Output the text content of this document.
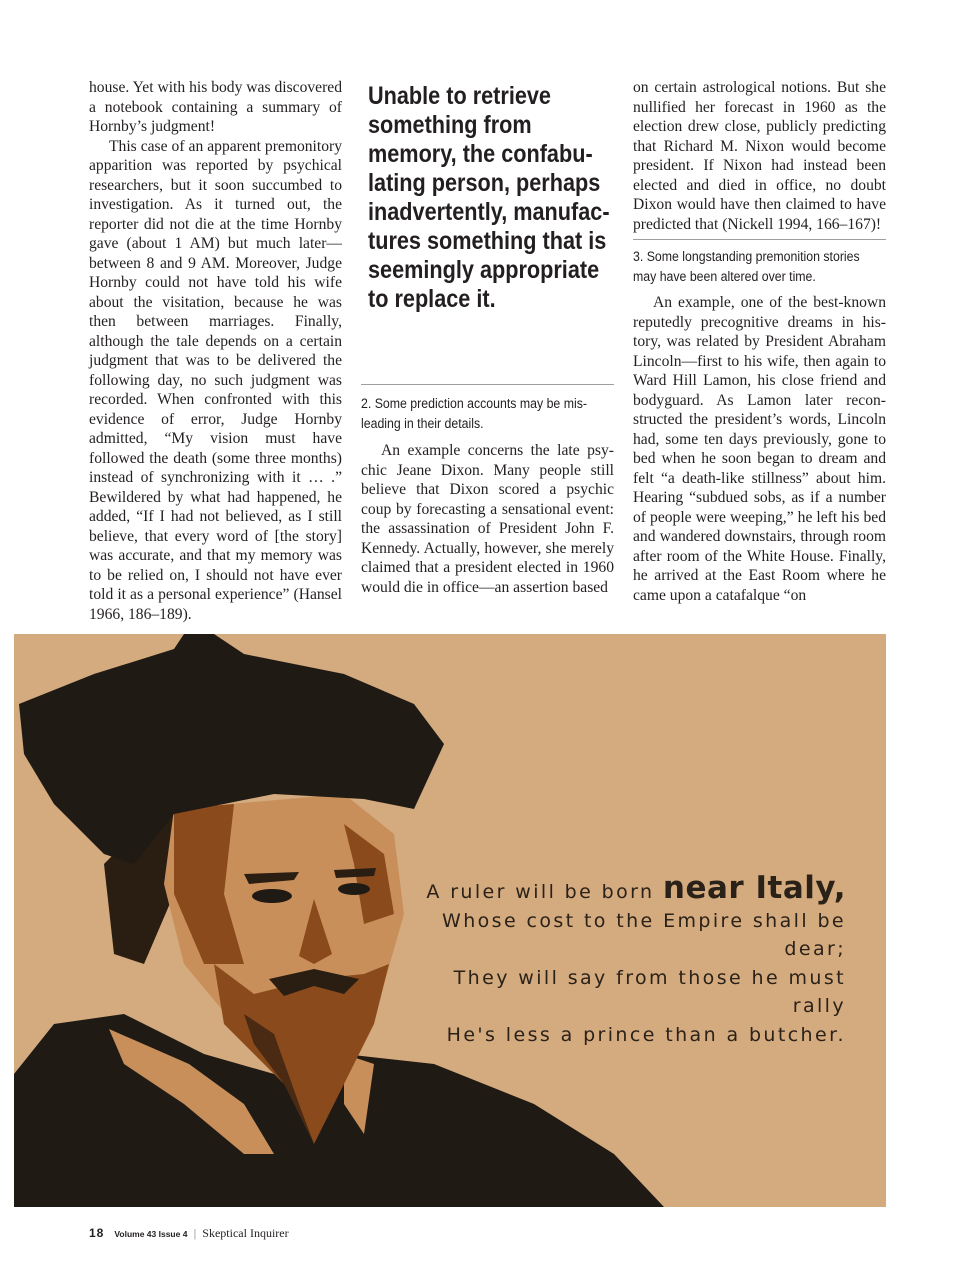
house. Yet with his body was discovered a notebook containing a summary of Hornby’s judgment!

This case of an apparent premonitory apparition was reported by psychical researchers, but it soon succumbed to investigation. As it turned out, the reporter did not die at the time Hornby gave (about 1 AM) but much later—between 8 and 9 AM. Moreover, Judge Hornby could not have told his wife about the visitation, because he was then between marriages. Finally, although the tale depends on a certain judgment that was to be delivered the following day, no such judgment was recorded. When confronted with this evidence of error, Judge Hornby admitted, “My vision must have followed the death (some three months) instead of synchronizing with it … .” Bewildered by what had happened, he added, “If I had not believed, as I still believe, that every word of [the story] was accurate, and that my memory was to be relied on, I should not have ever told it as a personal experience” (Hansel 1966, 186–189).

Unable to retrieve something from memory, the confabulating person, perhaps inadvertently, manufactures something that is seemingly appropriate to replace it.
2. Some prediction accounts may be misleading in their details.

An example concerns the late psychic Jeane Dixon. Many people still believe that Dixon scored a psychic coup by forecasting a sensational event: the assassination of President John F. Kennedy. Actually, however, she merely claimed that a president elected in 1960 would die in office—an assertion based

on certain astrological notions. But she nullified her forecast in 1960 as the election drew close, publicly predicting that Richard M. Nixon would become president. If Nixon had instead been elected and died in office, no doubt Dixon would have then claimed to have predicted that (Nickell 1994, 166–167)!

3. Some longstanding premonition stories may have been altered over time.

An example, one of the best-known reputedly precognitive dreams in history, was related by President Abraham Lincoln—first to his wife, then again to Ward Hill Lamon, his close friend and bodyguard. As Lamon later reconstructed the president’s words, Lincoln had, some ten days previously, gone to bed when he soon began to dream and felt “a death-like stillness” about him. Hearing “subdued sobs, as if a number of people were weeping,” he left his bed and wandered downstairs, through room after room of the White House. Finally, he arrived at the East Room where he came upon a catafalque “on

A ruler will be born near Italy,
Whose cost to the Empire shall be dear;
They will say from those he must rally
He's less a prince than a butcher.
18 Volume 43 Issue 4 | Skeptical Inquirer
